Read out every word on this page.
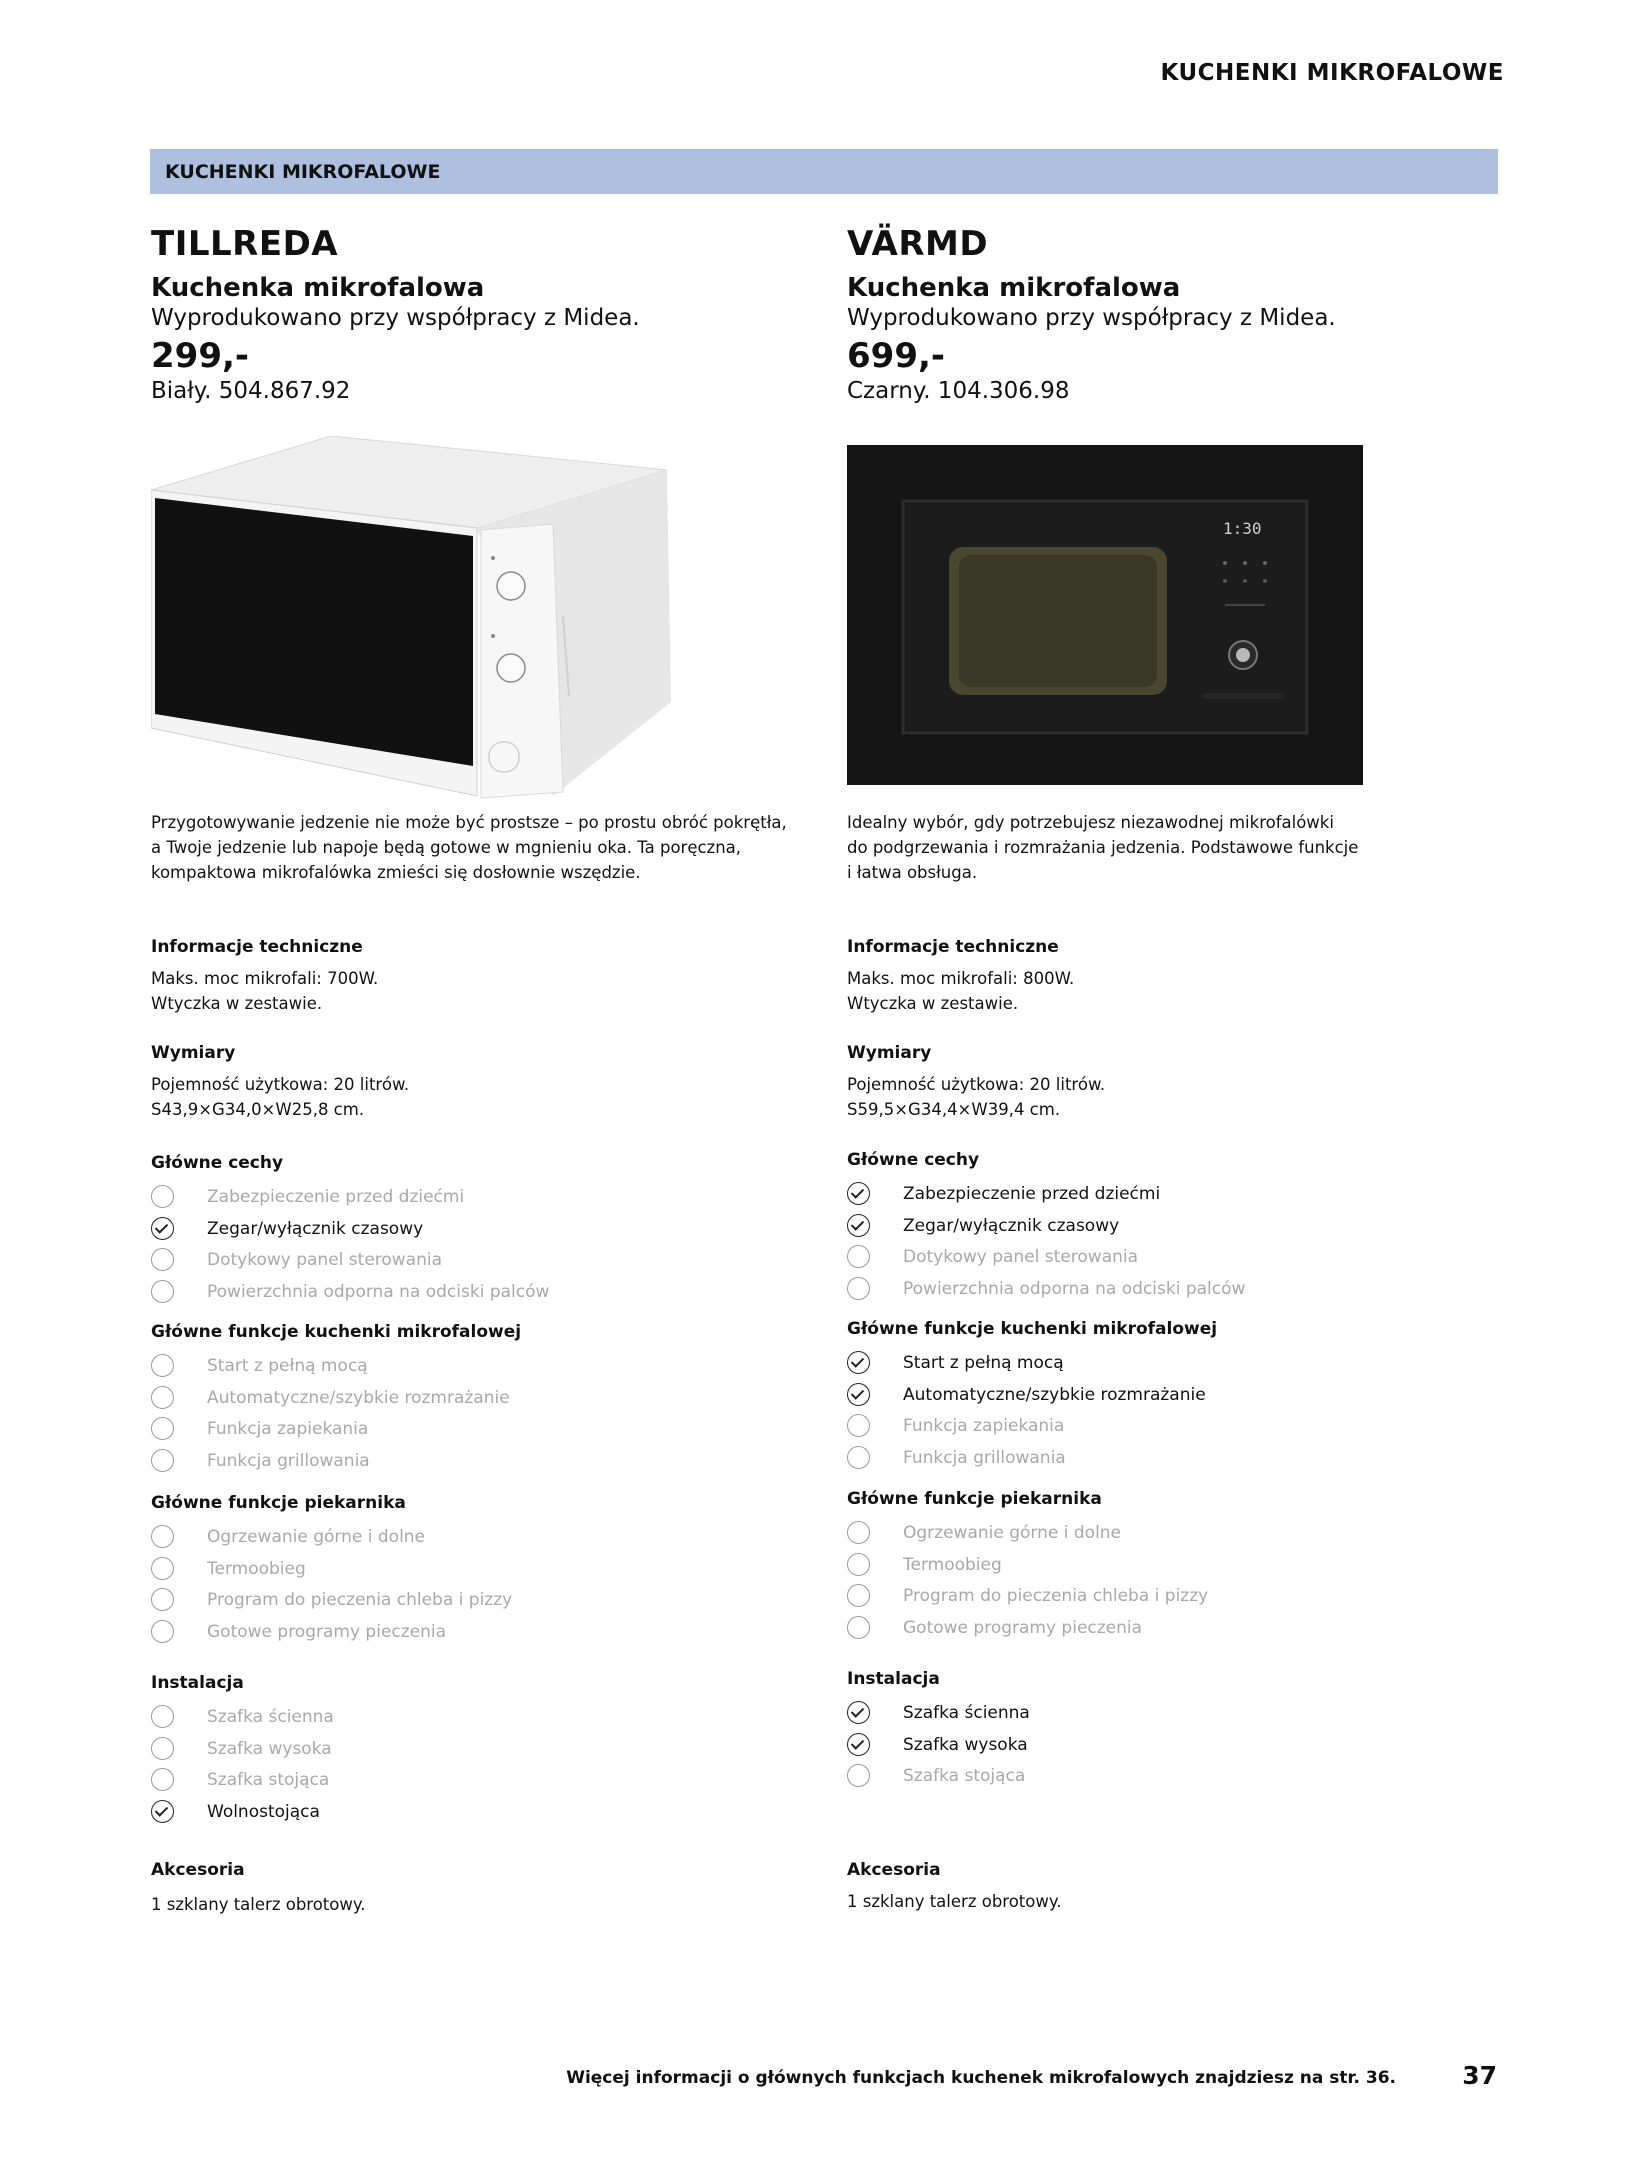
KUCHENKI MIKROFALOWE
KUCHENKI MIKROFALOWE
TILLREDA
Kuchenka mikrofalowa
Wyprodukowano przy współpracy z Midea.
299,-
Biały. 504.867.92
Przygotowywanie jedzenie nie może być prostsze – po prostu obróć pokrętła,
a Twoje jedzenie lub napoje będą gotowe w mgnieniu oka. Ta poręczna,
kompaktowa mikrofalówka zmieści się dosłownie wszędzie.
Informacje techniczne
Maks. moc mikrofali: 700W.
Wtyczka w zestawie.
Wymiary
Pojemność użytkowa: 20 litrów.
S43,9×G34,0×W25,8 cm.
Główne cechy
Zabezpieczenie przed dziećmi
Zegar/wyłącznik czasowy
Dotykowy panel sterowania
Powierzchnia odporna na odciski palców
Główne funkcje kuchenki mikrofalowej
Start z pełną mocą
Automatyczne/szybkie rozmrażanie
Funkcja zapiekania
Funkcja grillowania
Główne funkcje piekarnika
Ogrzewanie górne i dolne
Termoobieg
Program do pieczenia chleba i pizzy
Gotowe programy pieczenia
Instalacja
Szafka ścienna
Szafka wysoka
Szafka stojąca
Wolnostojąca
Akcesoria
1 szklany talerz obrotowy.
VÄRMD
Kuchenka mikrofalowa
Wyprodukowano przy współpracy z Midea.
699,-
Czarny. 104.306.98
1:30
Idealny wybór, gdy potrzebujesz niezawodnej mikrofalówki
do podgrzewania i rozmrażania jedzenia. Podstawowe funkcje
i łatwa obsługa.
Informacje techniczne
Maks. moc mikrofali: 800W.
Wtyczka w zestawie.
Wymiary
Pojemność użytkowa: 20 litrów.
S59,5×G34,4×W39,4 cm.
Główne cechy
Zabezpieczenie przed dziećmi
Zegar/wyłącznik czasowy
Dotykowy panel sterowania
Powierzchnia odporna na odciski palców
Główne funkcje kuchenki mikrofalowej
Start z pełną mocą
Automatyczne/szybkie rozmrażanie
Funkcja zapiekania
Funkcja grillowania
Główne funkcje piekarnika
Ogrzewanie górne i dolne
Termoobieg
Program do pieczenia chleba i pizzy
Gotowe programy pieczenia
Instalacja
Szafka ścienna
Szafka wysoka
Szafka stojąca
Akcesoria
1 szklany talerz obrotowy.
Więcej informacji o głównych funkcjach kuchenek mikrofalowych znajdziesz na str. 36.	37
